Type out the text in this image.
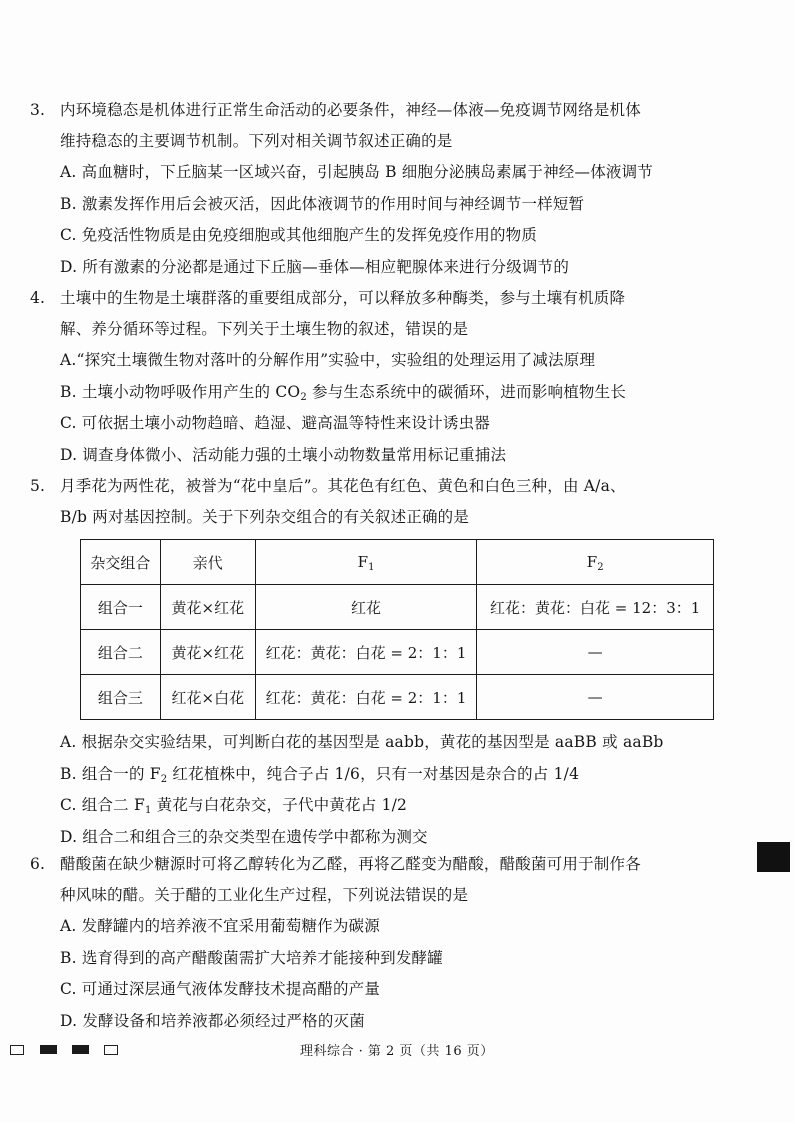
3. 内环境稳态是机体进行正常生命活动的必要条件，神经—体液—免疫调节网络是机体
维持稳态的主要调节机制。下列对相关调节叙述正确的是
A. 高血糖时，下丘脑某一区域兴奋，引起胰岛 B 细胞分泌胰岛素属于神经—体液调节
B. 激素发挥作用后会被灭活，因此体液调节的作用时间与神经调节一样短暂
C. 免疫活性物质是由免疫细胞或其他细胞产生的发挥免疫作用的物质
D. 所有激素的分泌都是通过下丘脑—垂体—相应靶腺体来进行分级调节的
4. 土壤中的生物是土壤群落的重要组成部分，可以释放多种酶类，参与土壤有机质降
解、养分循环等过程。下列关于土壤生物的叙述，错误的是
A.“探究土壤微生物对落叶的分解作用”实验中，实验组的处理运用了减法原理
B. 土壤小动物呼吸作用产生的 $CO_2$ 参与生态系统中的碳循环，进而影响植物生长
C. 可依据土壤小动物趋暗、趋湿、避高温等特性来设计诱虫器
D. 调查身体微小、活动能力强的土壤小动物数量常用标记重捕法
5. 月季花为两性花，被誉为“花中皇后”。其花色有红色、黄色和白色三种，由 A/a、
B/b 两对基因控制。关于下列杂交组合的有关叙述正确的是
杂交组合	亲代	$F_1$	$F_2$
组合一	黄花×红花	红花	红花：黄花：白花 = 12：3：1
组合二	黄花×红花	红花：黄花：白花 = 2：1：1	—
组合三	红花×白花	红花：黄花：白花 = 2：1：1	—
A. 根据杂交实验结果，可判断白花的基因型是 aabb，黄花的基因型是 aaBB 或 aaBb
B. 组合一的 $F_2$ 红花植株中，纯合子占 1/6，只有一对基因是杂合的占 1/4
C. 组合二 $F_1$ 黄花与白花杂交，子代中黄花占 1/2
D. 组合二和组合三的杂交类型在遗传学中都称为测交
6. 醋酸菌在缺少糖源时可将乙醇转化为乙醛，再将乙醛变为醋酸，醋酸菌可用于制作各
种风味的醋。关于醋的工业化生产过程，下列说法错误的是
A. 发酵罐内的培养液不宜采用葡萄糖作为碳源
B. 选育得到的高产醋酸菌需扩大培养才能接种到发酵罐
C. 可通过深层通气液体发酵技术提高醋的产量
D. 发酵设备和培养液都必须经过严格的灭菌
理科综合 · 第 2 页（共 16 页）
